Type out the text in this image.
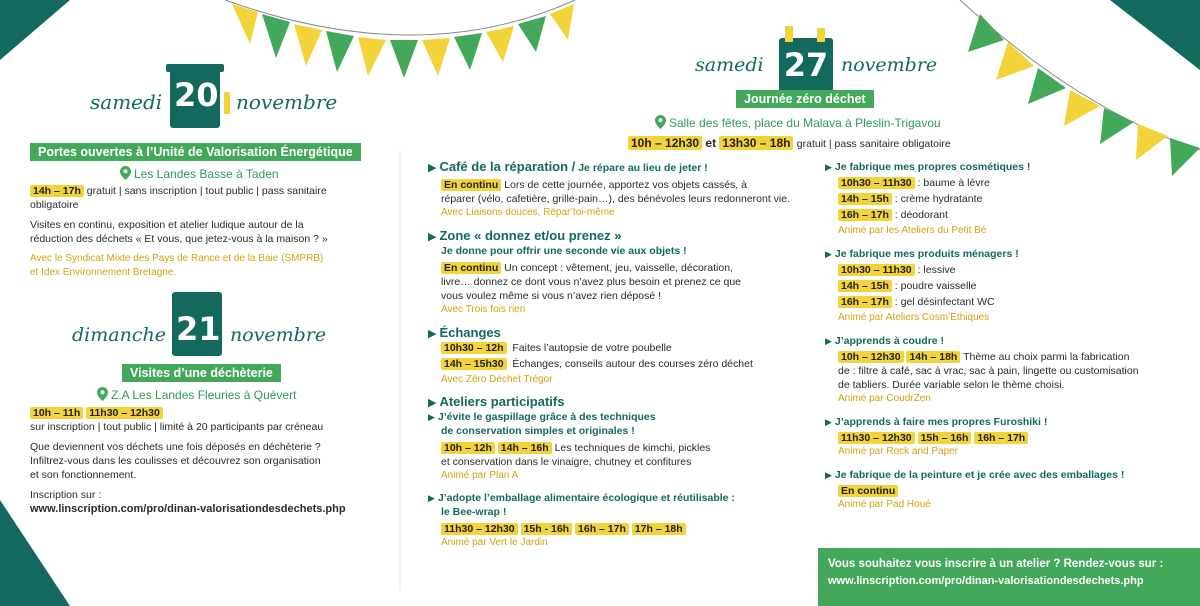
samedi 20 novembre
Portes ouvertes à l’Unité de Valorisation Énergétique
Les Landes Basse à Taden
14h – 17h gratuit | sans inscription | tout public | pass sanitaire
obligatoire
Visites en continu, exposition et atelier ludique autour de la
réduction des déchets « Et vous, que jetez-vous à la maison ? »
Avec le Syndicat Mixte des Pays de Rance et de la Baie (SMPRB)
et Idex Environnement Bretagne.
dimanche 21 novembre
Visites d’une déchèterie
Z.A Les Landes Fleuries à Quévert
10h – 11h 11h30 – 12h30
sur inscription | tout public | limité à 20 participants par créneau
Que deviennent vos déchets une fois déposés en déchèterie ?
Infiltrez-vous dans les coulisses et découvrez son organisation
et son fonctionnement.
Inscription sur :
www.linscription.com/pro/dinan-valorisationdesdechets.php
samedi 27 novembre
Journée zéro déchet
Salle des fêtes, place du Malava à Pleslin-Trigavou
10h – 12h30 et 13h30 – 18h gratuit | pass sanitaire obligatoire
▶ Café de la réparation / Je répare au lieu de jeter !
En continu Lors de cette journée, apportez vos objets cassés, à
réparer (vélo, cafetière, grille-pain…), des bénévoles leurs redonneront vie.
Avec Liaisons douces, Répar’toi-même
▶ Zone « donnez et/ou prenez »
Je donne pour offrir une seconde vie aux objets !
En continu Un concept : vêtement, jeu, vaisselle, décoration,
livre… donnez ce dont vous n’avez plus besoin et prenez ce que
vous voulez même si vous n’avez rien déposé !
Avec Trois fois rien
▶ Échanges
10h30 – 12h Faites l’autopsie de votre poubelle
14h – 15h30 Échanges, conseils autour des courses zéro déchet
Avec Zéro Déchet Trégor
▶ Ateliers participatifs
▶ J’évite le gaspillage grâce à des techniques
de conservation simples et originales !
10h – 12h 14h – 16h Les techniques de kimchi, pickles
et conservation dans le vinaigre, chutney et confitures
Animé par Plan A
▶ J’adopte l’emballage alimentaire écologique et réutilisable :
le Bee-wrap !
11h30 – 12h30 15h - 16h 16h – 17h 17h – 18h
Animé par Vert le Jardin
▶ Je fabrique mes propres cosmétiques !
10h30 – 11h30 : baume à lèvre
14h – 15h : crème hydratante
16h – 17h : déodorant
Animé par les Ateliers du Petit Bé
▶ Je fabrique mes produits ménagers !
10h30 – 11h30 : lessive
14h – 15h : poudre vaisselle
16h – 17h : gel désinfectant WC
Animé par Ateliers Cosm’Ethiques
▶ J’apprends à coudre !
10h – 12h30 14h – 18h Thème au choix parmi la fabrication
de : filtre à café, sac à vrac, sac à pain, lingette ou customisation
de tabliers. Durée variable selon le thème choisi.
Animé par CoudrZen
▶ J’apprends à faire mes propres Furoshiki !
11h30 – 12h30 15h – 16h 16h – 17h
Animé par Rock and Paper
▶ Je fabrique de la peinture et je crée avec des emballages !
En continu
Animé par Pad Houé
Vous souhaitez vous inscrire à un atelier ? Rendez-vous sur :
www.linscription.com/pro/dinan-valorisationdesdechets.php
